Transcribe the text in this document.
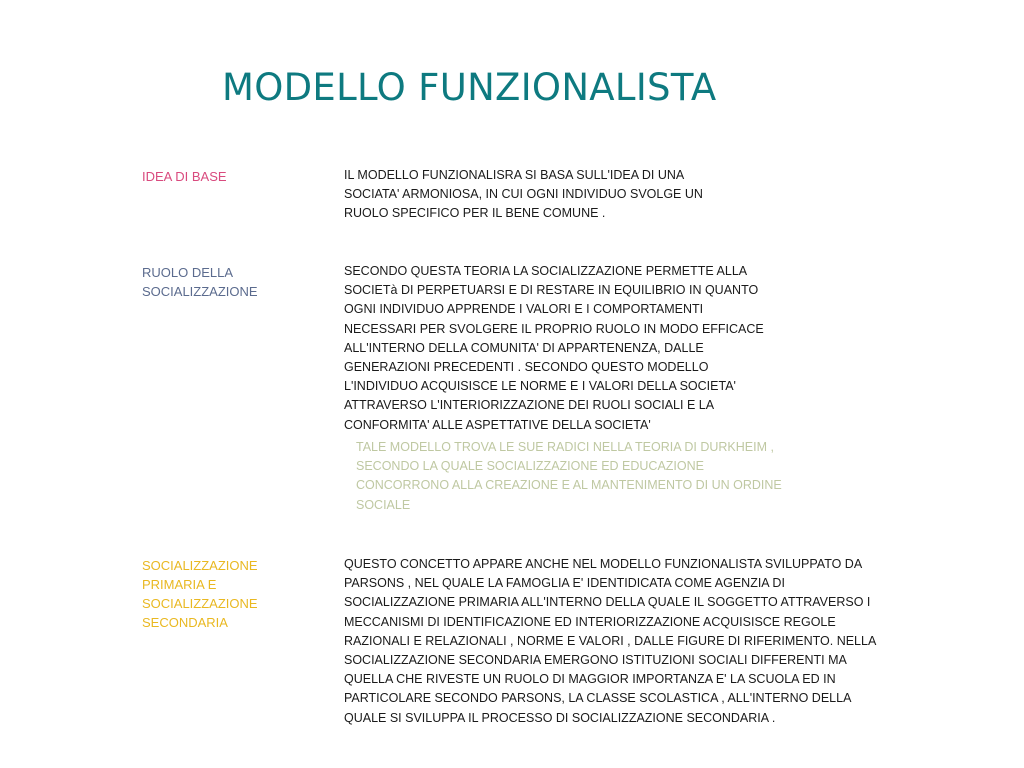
MODELLO FUNZIONALISTA
IDEA DI BASE	IL MODELLO FUNZIONALISRA SI BASA SULL'IDEA DI UNA
SOCIATA' ARMONIOSA, IN CUI OGNI INDIVIDUO SVOLGE UN
RUOLO SPECIFICO PER IL BENE COMUNE .
RUOLO DELLA
SOCIALIZZAZIONE
SECONDO QUESTA TEORIA LA SOCIALIZZAZIONE PERMETTE ALLA
SOCIETà DI PERPETUARSI E DI RESTARE IN EQUILIBRIO IN QUANTO
OGNI INDIVIDUO APPRENDE I VALORI E I COMPORTAMENTI
NECESSARI PER SVOLGERE IL PROPRIO RUOLO IN MODO EFFICACE
ALL'INTERNO DELLA COMUNITA' DI APPARTENENZA, DALLE
GENERAZIONI PRECEDENTI . SECONDO QUESTO MODELLO
L'INDIVIDUO ACQUISISCE LE NORME E I VALORI DELLA SOCIETA'
ATTRAVERSO L'INTERIORIZZAZIONE DEI RUOLI SOCIALI E LA
CONFORMITA' ALLE ASPETTATIVE DELLA SOCIETA'
TALE MODELLO TROVA LE SUE RADICI NELLA TEORIA DI DURKHEIM ,
SECONDO LA QUALE SOCIALIZZAZIONE ED EDUCAZIONE
CONCORRONO ALLA CREAZIONE E AL MANTENIMENTO DI UN ORDINE
SOCIALE
SOCIALIZZAZIONE
PRIMARIA E
SOCIALIZZAZIONE
SECONDARIA
QUESTO CONCETTO APPARE ANCHE NEL MODELLO FUNZIONALISTA SVILUPPATO DA
PARSONS , NEL QUALE LA FAMOGLIA E' IDENTIDICATA COME AGENZIA DI
SOCIALIZZAZIONE PRIMARIA ALL'INTERNO DELLA QUALE IL SOGGETTO ATTRAVERSO I
MECCANISMI DI IDENTIFICAZIONE ED INTERIORIZZAZIONE ACQUISISCE REGOLE
RAZIONALI E RELAZIONALI , NORME E VALORI , DALLE FIGURE DI RIFERIMENTO. NELLA
SOCIALIZZAZIONE SECONDARIA EMERGONO ISTITUZIONI SOCIALI DIFFERENTI MA
QUELLA CHE RIVESTE UN RUOLO DI MAGGIOR IMPORTANZA E' LA SCUOLA ED IN
PARTICOLARE SECONDO PARSONS, LA CLASSE SCOLASTICA , ALL'INTERNO DELLA
QUALE SI SVILUPPA IL PROCESSO DI SOCIALIZZAZIONE SECONDARIA .
